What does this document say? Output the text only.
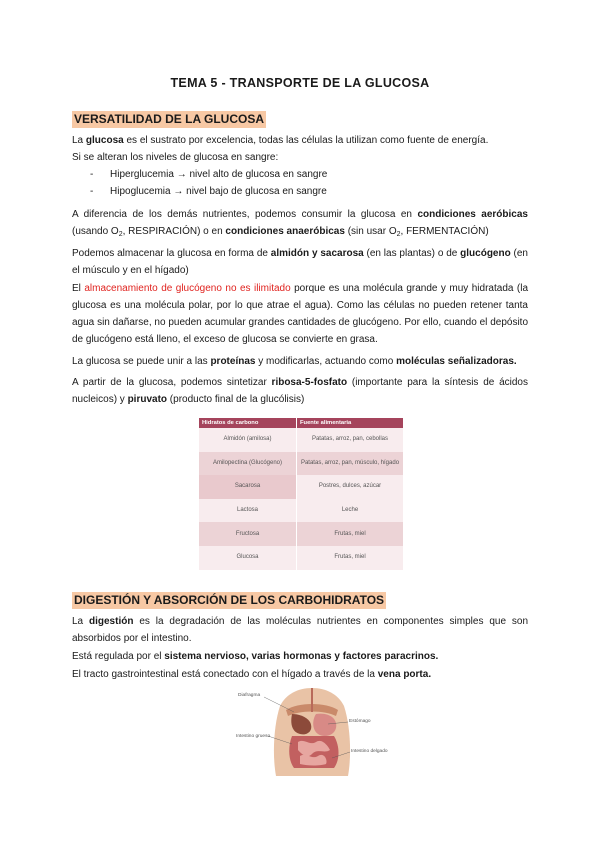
TEMA 5 - TRANSPORTE DE LA GLUCOSA
VERSATILIDAD DE LA GLUCOSA
La glucosa es el sustrato por excelencia, todas las células la utilizan como fuente de energía.
Si se alteran los niveles de glucosa en sangre:
- Hiperglucemia → nivel alto de glucosa en sangre
- Hipoglucemia → nivel bajo de glucosa en sangre
A diferencia de los demás nutrientes, podemos consumir la glucosa en condiciones aeróbicas (usando $O_2$, RESPIRACIÓN) o en condiciones anaeróbicas (sin usar $O_2$, FERMENTACIÓN)
Podemos almacenar la glucosa en forma de almidón y sacarosa (en las plantas) o de glucógeno (en el músculo y en el hígado)
El almacenamiento de glucógeno no es ilimitado porque es una molécula grande y muy hidratada (la glucosa es una molécula polar, por lo que atrae el agua). Como las células no pueden retener tanta agua sin dañarse, no pueden acumular grandes cantidades de glucógeno. Por ello, cuando el depósito de glucógeno está lleno, el exceso de glucosa se convierte en grasa.
La glucosa se puede unir a las proteínas y modificarlas, actuando como moléculas señalizadoras.
A partir de la glucosa, podemos sintetizar ribosa-5-fosfato (importante para la síntesis de ácidos nucleicos) y piruvato (producto final de la glucólisis)
Hidratos de carbono	Fuente alimentaria
Almidón (amilosa)	Patatas, arroz, pan, cebollas
Amilopectina (Glucógeno)	Patatas, arroz, pan, músculo, hígado
Sacarosa	Postres, dulces, azúcar
Lactosa	Leche
Fructosa	Frutas, miel
Glucosa	Frutas, miel
DIGESTIÓN Y ABSORCIÓN DE LOS CARBOHIDRATOS
La digestión es la degradación de las moléculas nutrientes en componentes simples que son absorbidos por el intestino.
Está regulada por el sistema nervioso, varias hormonas y factores paracrinos.
El tracto gastrointestinal está conectado con el hígado a través de la vena porta.
Diafragma
Estómago
Intestino grueso
Intestino delgado
